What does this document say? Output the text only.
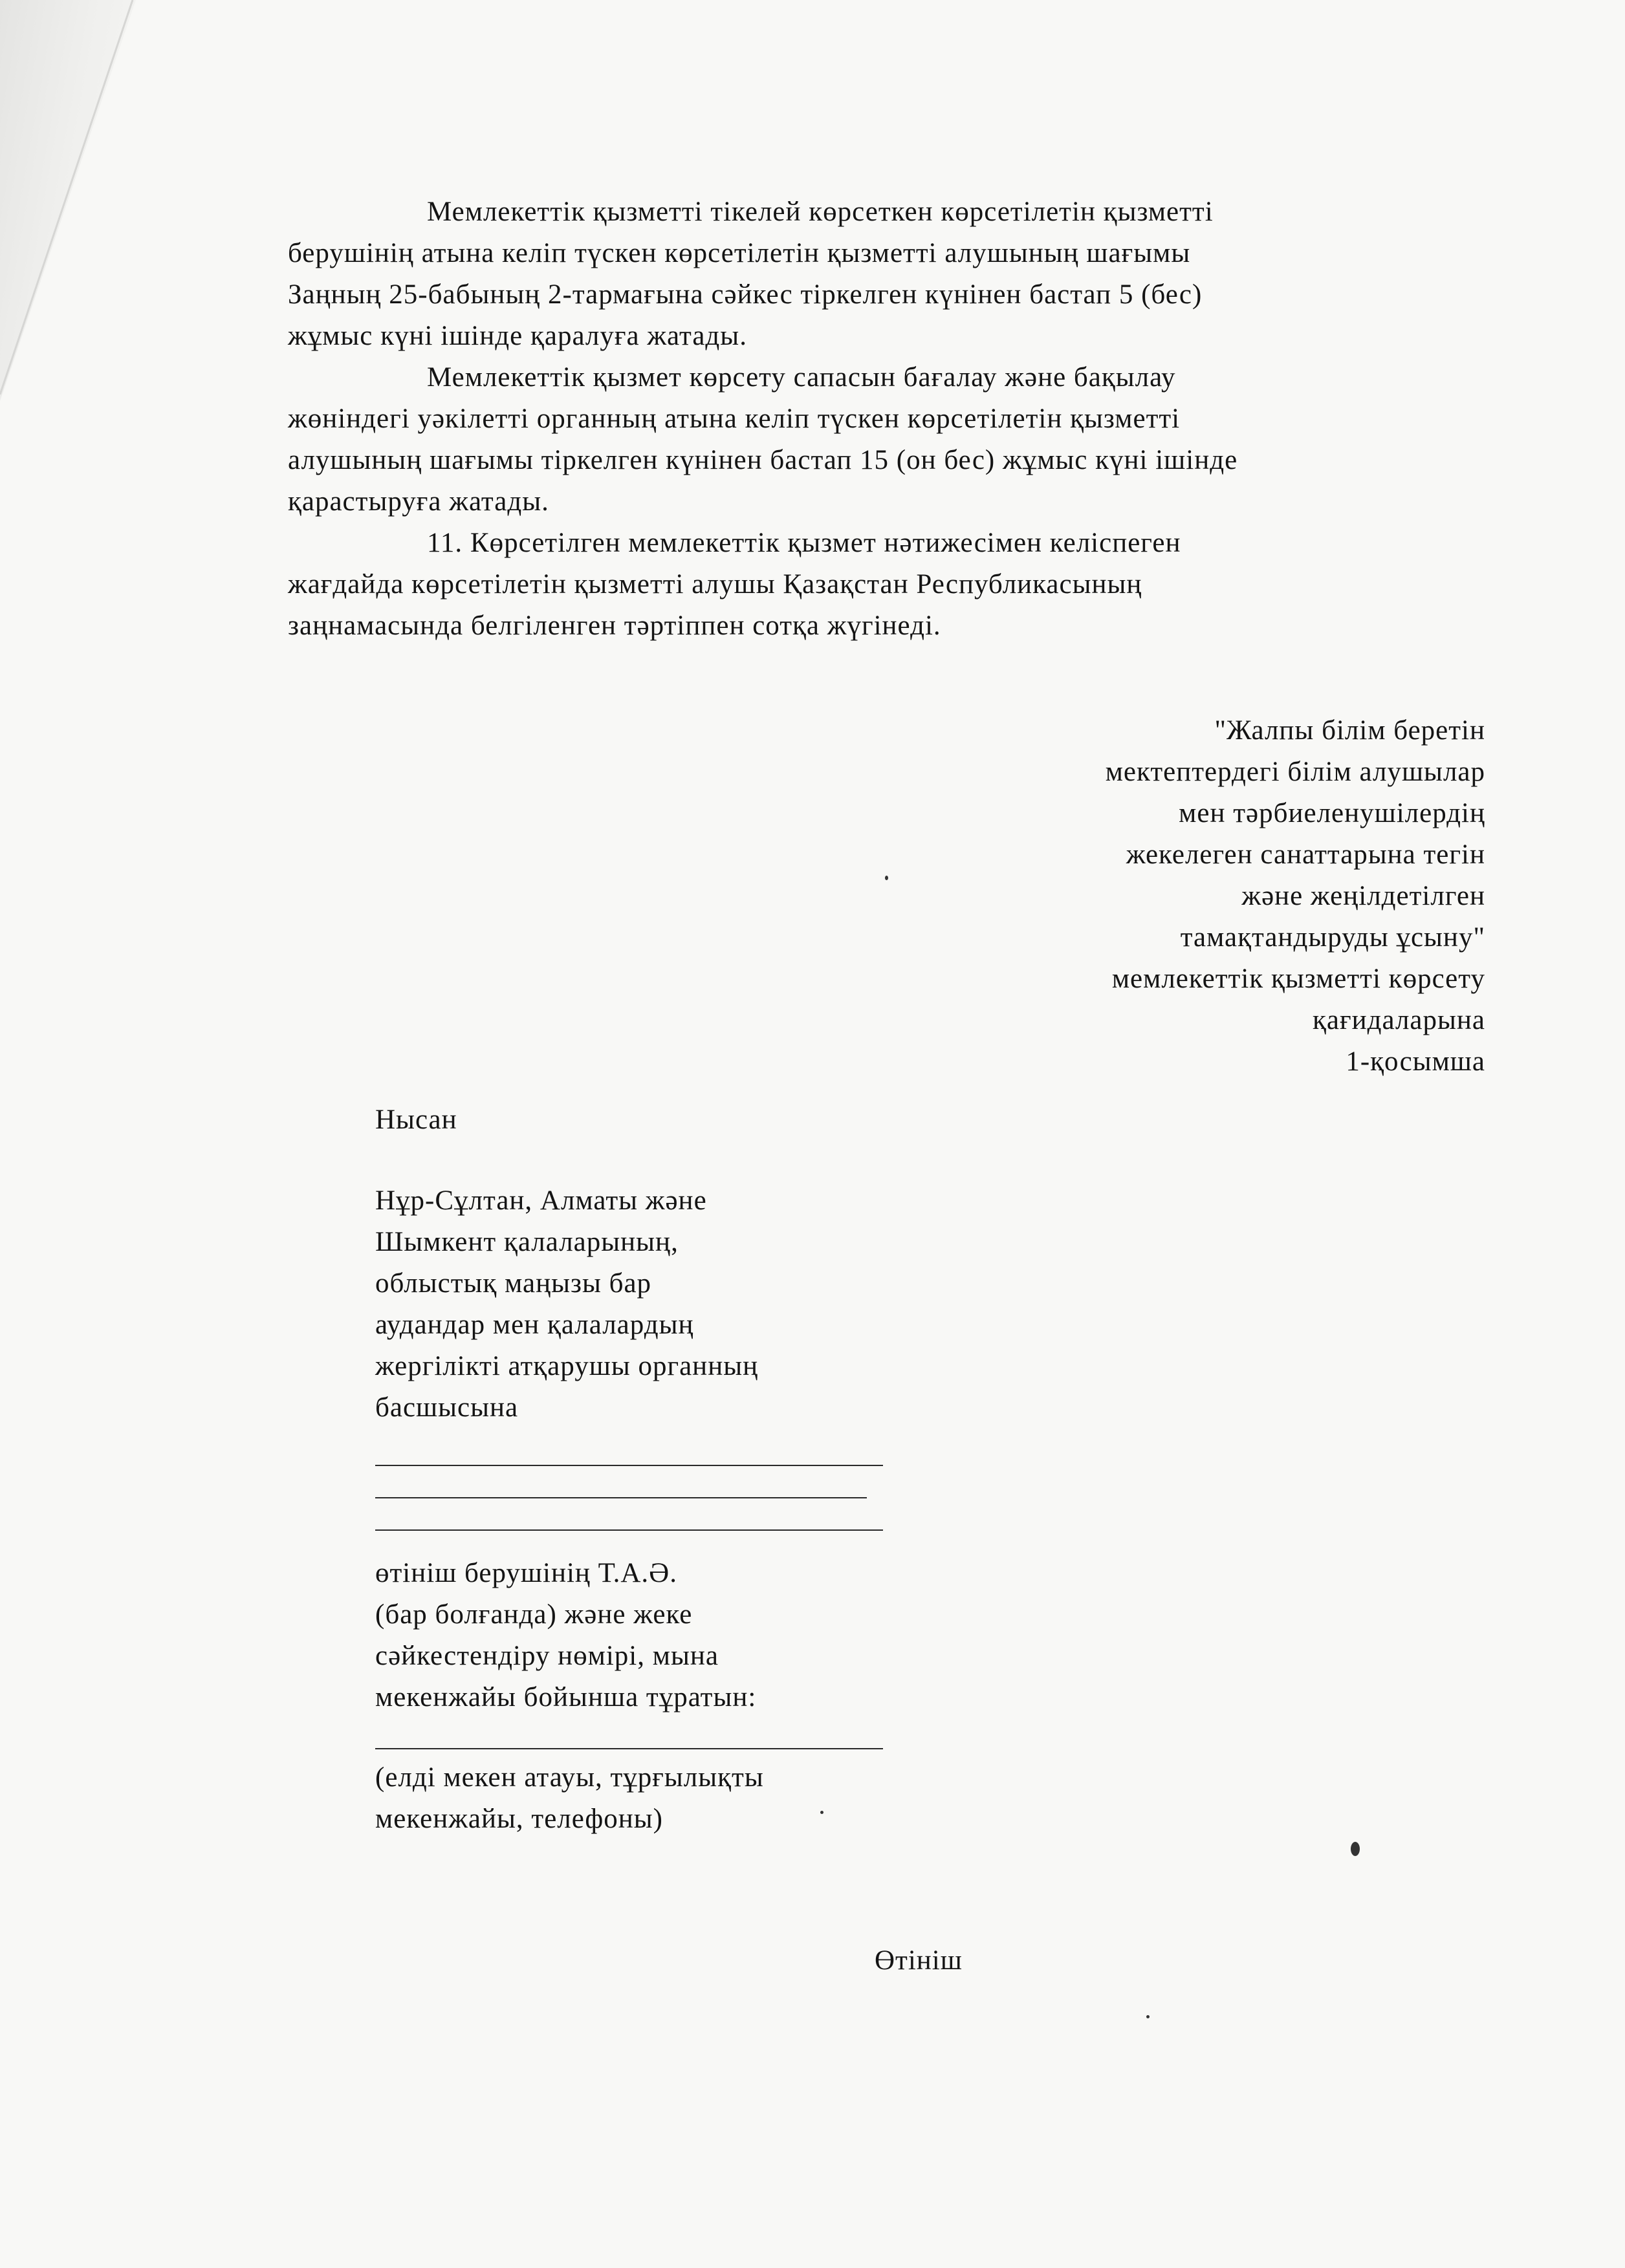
Мемлекеттік қызметті тікелей көрсеткен көрсетілетін қызметті
берушінің атына келіп түскен көрсетілетін қызметті алушының шағымы
Заңның 25-бабының 2-тармағына сәйкес тіркелген күнінен бастап 5 (бес)
жұмыс күні ішінде қаралуға жатады.
Мемлекеттік қызмет көрсету сапасын бағалау және бақылау
жөніндегі уәкілетті органның атына келіп түскен көрсетілетін қызметті
алушының шағымы тіркелген күнінен бастап 15 (он бес) жұмыс күні ішінде
қарастыруға жатады.
11. Көрсетілген мемлекеттік қызмет нәтижесімен келіспеген
жағдайда көрсетілетін қызметті алушы Қазақстан Республикасының
заңнамасында белгіленген тәртіппен сотқа жүгінеді.
"Жалпы білім беретін
мектептердегі білім алушылар
мен тәрбиеленушілердің
жекелеген санаттарына тегін
және жеңілдетілген
тамақтандыруды ұсыну"
мемлекеттік қызметті көрсету
қағидаларына
1-қосымша
Нысан
Нұр-Сұлтан, Алматы және
Шымкент қалаларының,
облыстық маңызы бар
аудандар мен қалалардың
жергілікті атқарушы органның
басшысына
өтініш берушінің Т.А.Ә.
(бар болғанда) және жеке
сәйкестендіру нөмірі, мына
мекенжайы бойынша тұратын:
(елді мекен атауы, тұрғылықты
мекенжайы, телефоны)
Өтініш
